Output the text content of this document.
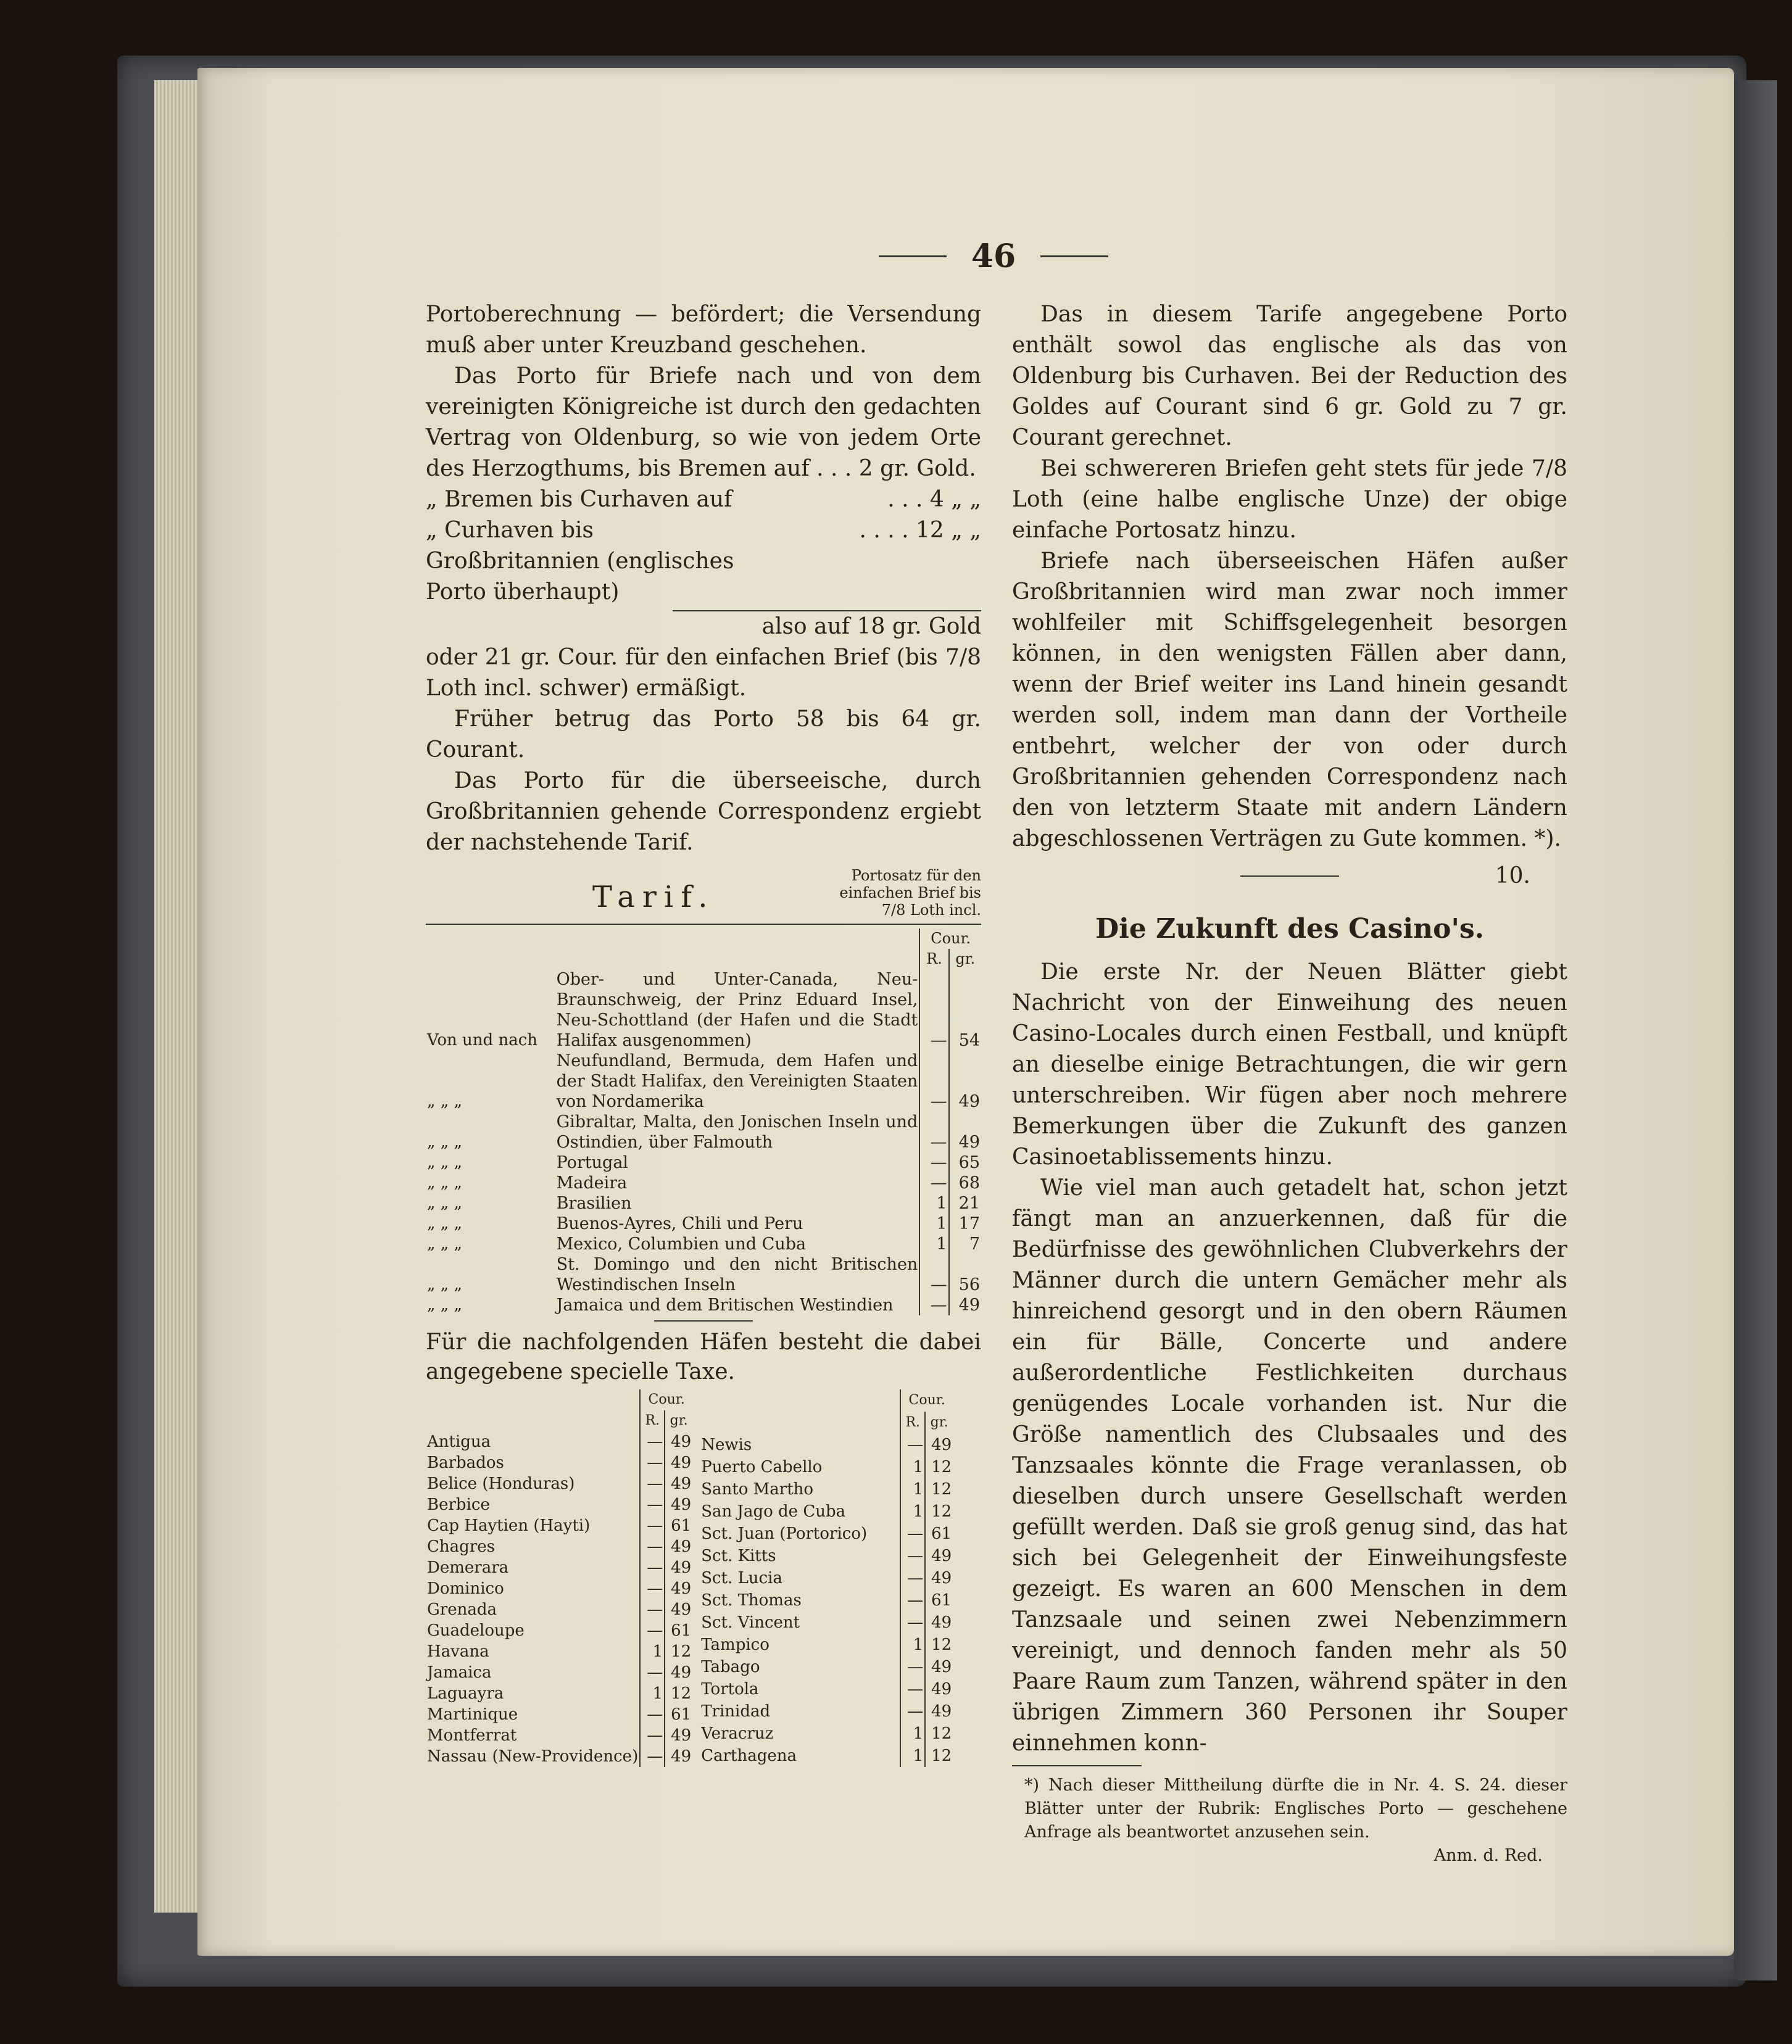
46

Portoberechnung — befördert; die Versendung muß aber unter Kreuzband geschehen.

Das Porto für Briefe nach und von dem vereinigten Königreiche ist durch den gedachten Vertrag von Oldenburg, so wie von jedem Orte des Herzogthums, bis Bremen auf . . . 2 gr. Gold.

„ Bremen bis Curhaven auf	. . . 4 „ „
„ Curhaven bis Großbritannien (englisches Porto überhaupt)
. . . . 12 „ „
also auf 18 gr. Gold

oder 21 gr. Cour. für den einfachen Brief (bis 7/8 Loth incl. schwer) ermäßigt.

Früher betrug das Porto 58 bis 64 gr. Courant.

Das Porto für die überseeische, durch Großbritannien gehende Correspondenz ergiebt der nachstehende Tarif.

Tarif.
Portosatz für den einfachen Brief bis 7/8 Loth incl.
		Cour.	
		R.	gr.
Von und nach	Ober- und Unter-Canada, Neu-Braunschweig, der Prinz Eduard Insel, Neu-Schottland (der Hafen und die Stadt Halifax ausgenommen)	—	54
„ „ „	Neufundland, Bermuda, dem Hafen und der Stadt Halifax, den Vereinigten Staaten von Nordamerika	—	49
„ „ „	Gibraltar, Malta, den Jonischen Inseln und Ostindien, über Falmouth	—	49
„ „ „	Portugal	—	65
„ „ „	Madeira	—	68
„ „ „	Brasilien	1	21
„ „ „	Buenos-Ayres, Chili und Peru	1	17
„ „ „	Mexico, Columbien und Cuba	1	7
„ „ „	St. Domingo und den nicht Britischen Westindischen Inseln	—	56
„ „ „	Jamaica und dem Britischen Westindien	—	49

Für die nachfolgenden Häfen besteht die dabei angegebene specielle Taxe.

	Cour.	
	R.	gr.
Antigua	—	49
Barbados	—	49
Belice (Honduras)	—	49
Berbice	—	49
Cap Haytien (Hayti)	—	61
Chagres	—	49
Demerara	—	49
Dominico	—	49
Grenada	—	49
Guadeloupe	—	61
Havana	1	12
Jamaica	—	49
Laguayra	1	12
Martinique	—	61
Montferrat	—	49
Nassau (New-Providence)	—	49
	Cour.	
	R.	gr.
Newis	—	49
Puerto Cabello	1	12
Santo Martho	1	12
San Jago de Cuba	1	12
Sct. Juan (Portorico)	—	61
Sct. Kitts	—	49
Sct. Lucia	—	49
Sct. Thomas	—	61
Sct. Vincent	—	49
Tampico	1	12
Tabago	—	49
Tortola	—	49
Trinidad	—	49
Veracruz	1	12
Carthagena	1	12

Das in diesem Tarife angegebene Porto enthält sowol das englische als das von Oldenburg bis Curhaven. Bei der Reduction des Goldes auf Courant sind 6 gr. Gold zu 7 gr. Courant gerechnet.

Bei schwereren Briefen geht stets für jede 7/8 Loth (eine halbe englische Unze) der obige einfache Portosatz hinzu.

Briefe nach überseeischen Häfen außer Großbritannien wird man zwar noch immer wohlfeiler mit Schiffsgelegenheit besorgen können, in den wenigsten Fällen aber dann, wenn der Brief weiter ins Land hinein gesandt werden soll, indem man dann der Vortheile entbehrt, welcher der von oder durch Großbritannien gehenden Correspondenz nach den von letzterm Staate mit andern Ländern abgeschlossenen Verträgen zu Gute kommen. *).

10.
Die Zukunft des Casino's.

Die erste Nr. der Neuen Blätter giebt Nachricht von der Einweihung des neuen Casino-Locales durch einen Festball, und knüpft an dieselbe einige Betrachtungen, die wir gern unterschreiben. Wir fügen aber noch mehrere Bemerkungen über die Zukunft des ganzen Casinoetablissements hinzu.

Wie viel man auch getadelt hat, schon jetzt fängt man an anzuerkennen, daß für die Bedürfnisse des gewöhnlichen Clubverkehrs der Männer durch die untern Gemächer mehr als hinreichend gesorgt und in den obern Räumen ein für Bälle, Concerte und andere außerordentliche Festlichkeiten durchaus genügendes Locale vorhanden ist. Nur die Größe namentlich des Clubsaales und des Tanzsaales könnte die Frage veranlassen, ob dieselben durch unsere Gesellschaft werden gefüllt werden. Daß sie groß genug sind, das hat sich bei Gelegenheit der Einweihungsfeste gezeigt. Es waren an 600 Menschen in dem Tanzsaale und seinen zwei Nebenzimmern vereinigt, und dennoch fanden mehr als 50 Paare Raum zum Tanzen, während später in den übrigen Zimmern 360 Personen ihr Souper einnehmen konn-

*) Nach dieser Mittheilung dürfte die in Nr. 4. S. 24. dieser Blätter unter der Rubrik: Englisches Porto — geschehene Anfrage als beantwortet anzusehen sein.
Anm. d. Red.
